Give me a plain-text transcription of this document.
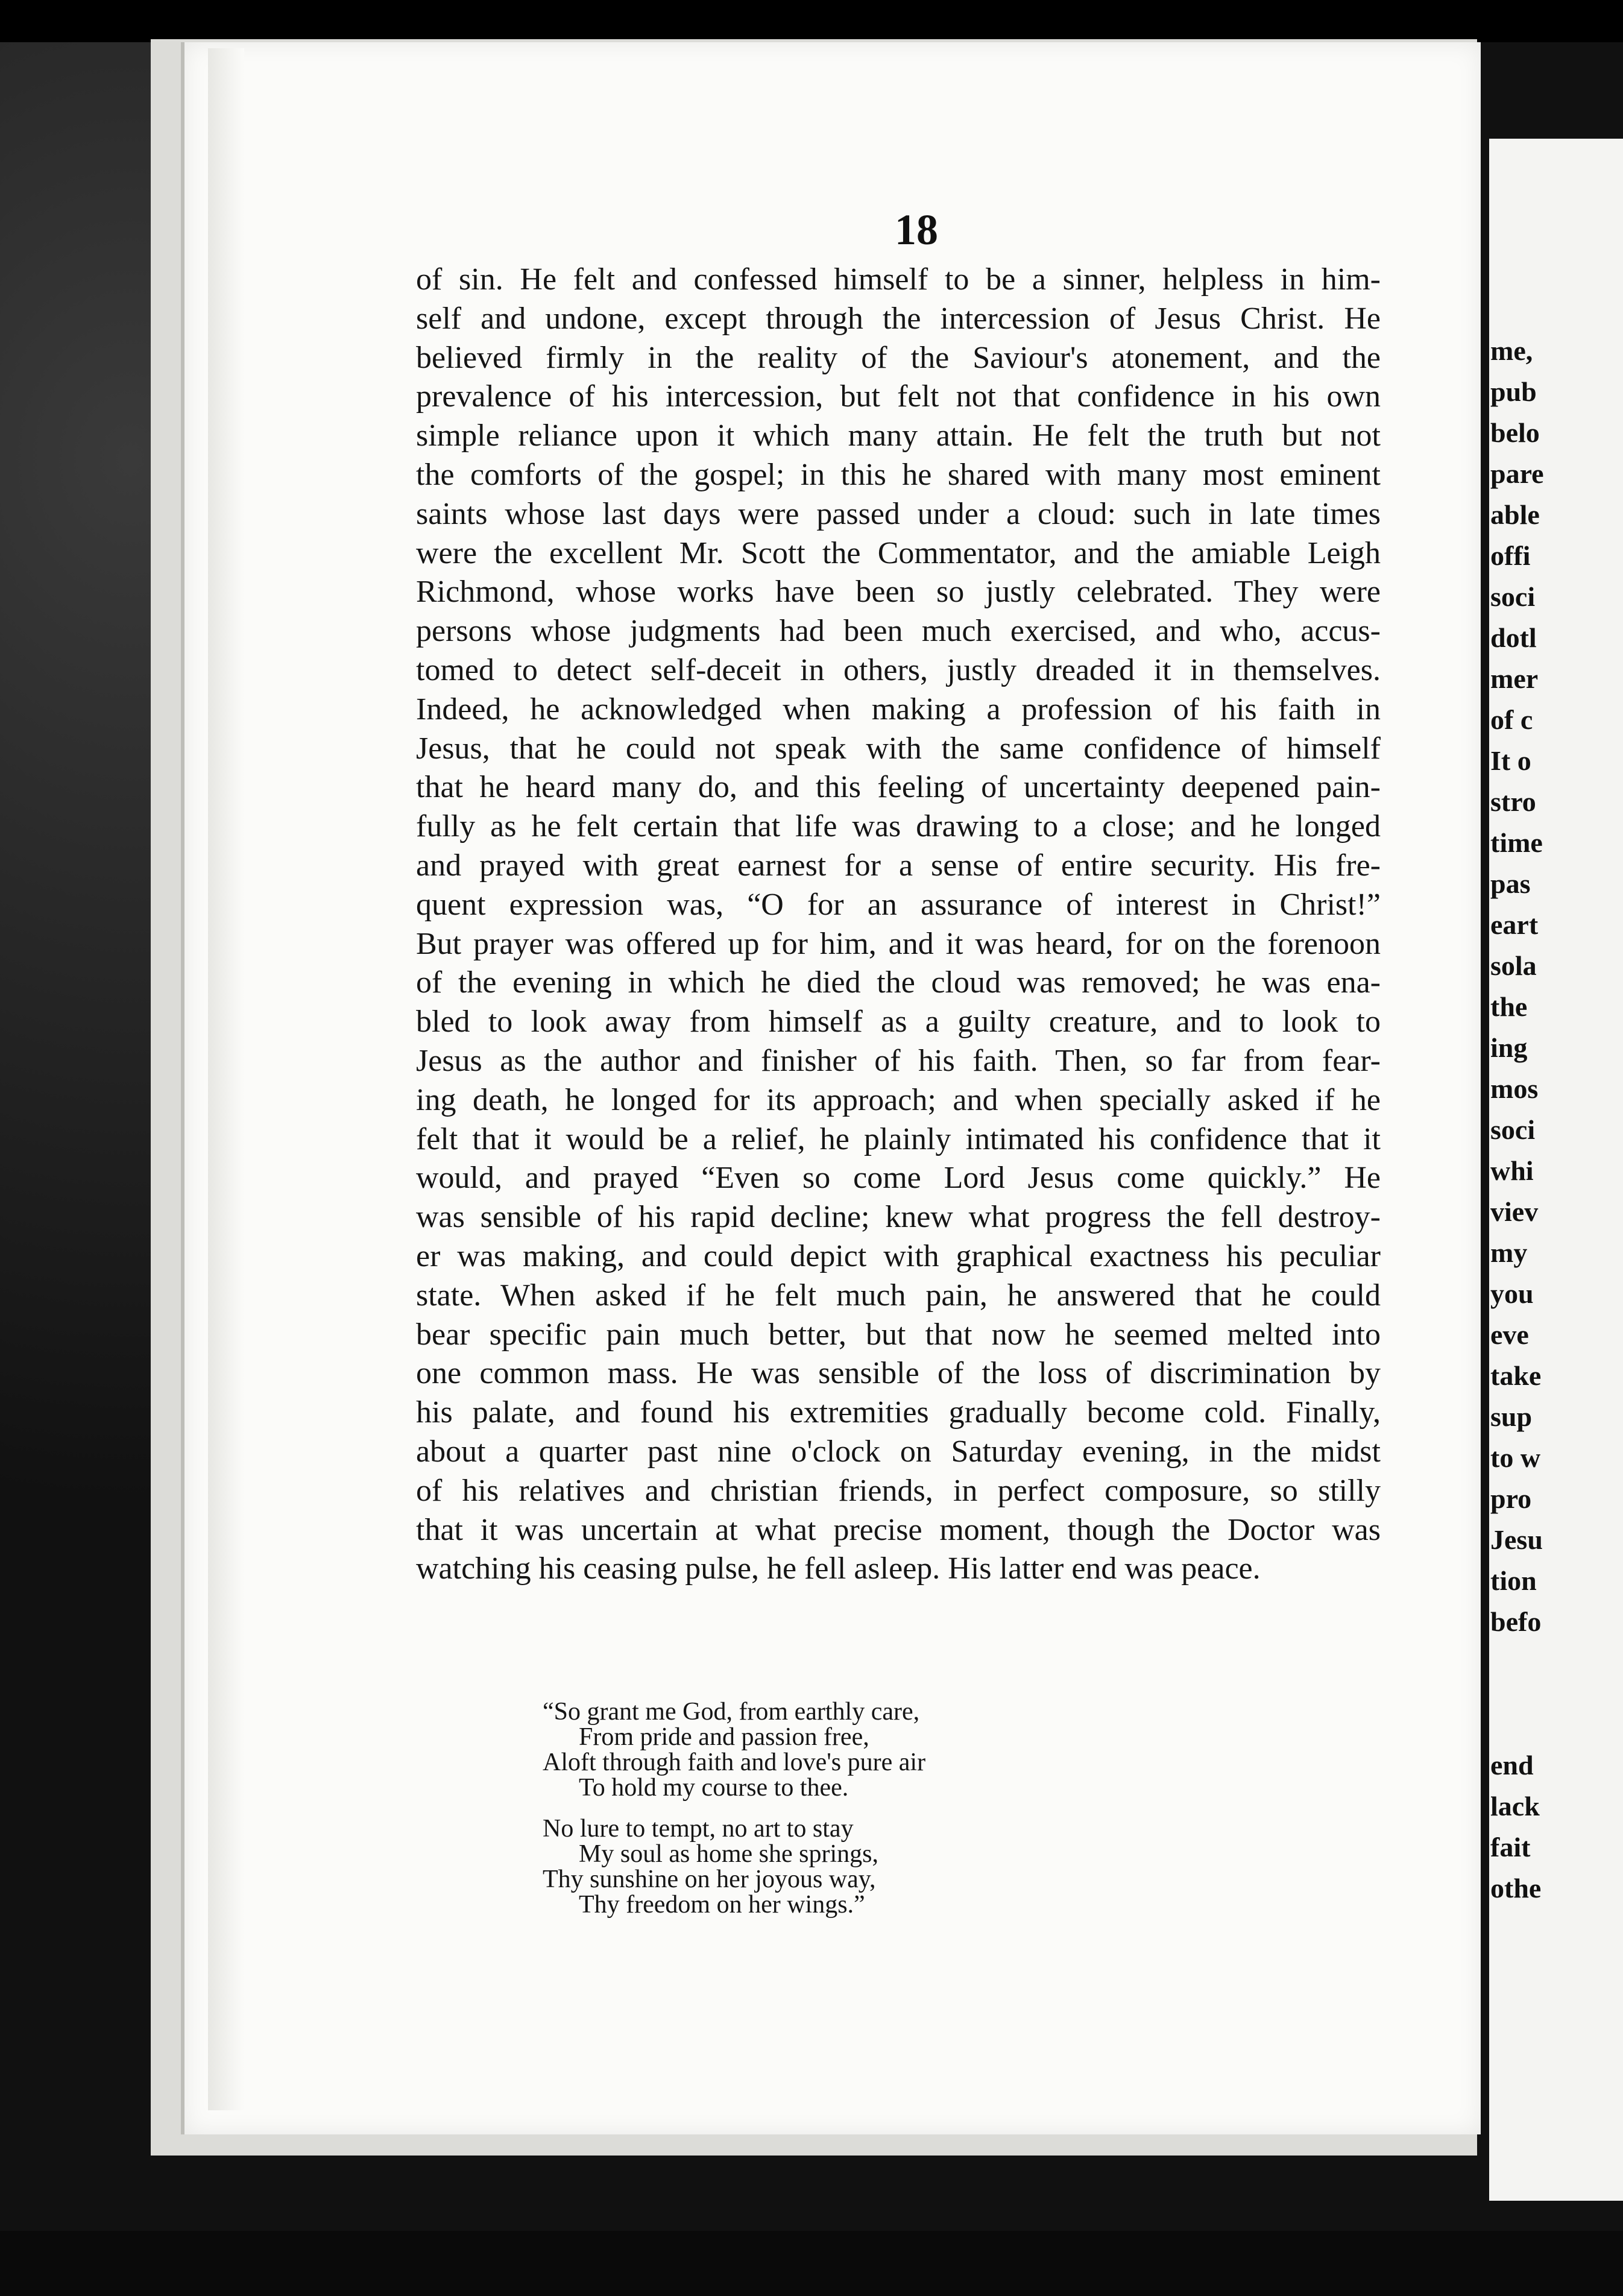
me,
pub
belo
pare
able
offi
soci
dotl
mer
of c
It o
stro
time
pas
eart
sola
the
ing
mos
soci
whi
viev
my
you
eve
take
sup
to w
pro
Jesu
tion
befo
end
lack
fait
othe
18
of sin. He felt and confessed himself to be a sinner, helpless in him-
self and undone, except through the intercession of Jesus Christ. He
believed firmly in the reality of the Saviour's atonement, and the
prevalence of his intercession, but felt not that confidence in his own
simple reliance upon it which many attain. He felt the truth but not
the comforts of the gospel; in this he shared with many most eminent
saints whose last days were passed under a cloud: such in late times
were the excellent Mr. Scott the Commentator, and the amiable Leigh
Richmond, whose works have been so justly celebrated. They were
persons whose judgments had been much exercised, and who, accus-
tomed to detect self-deceit in others, justly dreaded it in themselves.
Indeed, he acknowledged when making a profession of his faith in
Jesus, that he could not speak with the same confidence of himself
that he heard many do, and this feeling of uncertainty deepened pain-
fully as he felt certain that life was drawing to a close; and he longed
and prayed with great earnest for a sense of entire security. His fre-
quent expression was, “O for an assurance of interest in Christ!”
But prayer was offered up for him, and it was heard, for on the forenoon
of the evening in which he died the cloud was removed; he was ena-
bled to look away from himself as a guilty creature, and to look to
Jesus as the author and finisher of his faith. Then, so far from fear-
ing death, he longed for its approach; and when specially asked if he
felt that it would be a relief, he plainly intimated his confidence that it
would, and prayed “Even so come Lord Jesus come quickly.” He
was sensible of his rapid decline; knew what progress the fell destroy-
er was making, and could depict with graphical exactness his peculiar
state. When asked if he felt much pain, he answered that he could
bear specific pain much better, but that now he seemed melted into
one common mass. He was sensible of the loss of discrimination by
his palate, and found his extremities gradually become cold. Finally,
about a quarter past nine o'clock on Saturday evening, in the midst
of his relatives and christian friends, in perfect composure, so stilly
that it was uncertain at what precise moment, though the Doctor was
watching his ceasing pulse, he fell asleep. His latter end was peace.
“So grant me God, from earthly care,
From pride and passion free,
Aloft through faith and love's pure air
To hold my course to thee.
No lure to tempt, no art to stay
My soul as home she springs,
Thy sunshine on her joyous way,
Thy freedom on her wings.”
